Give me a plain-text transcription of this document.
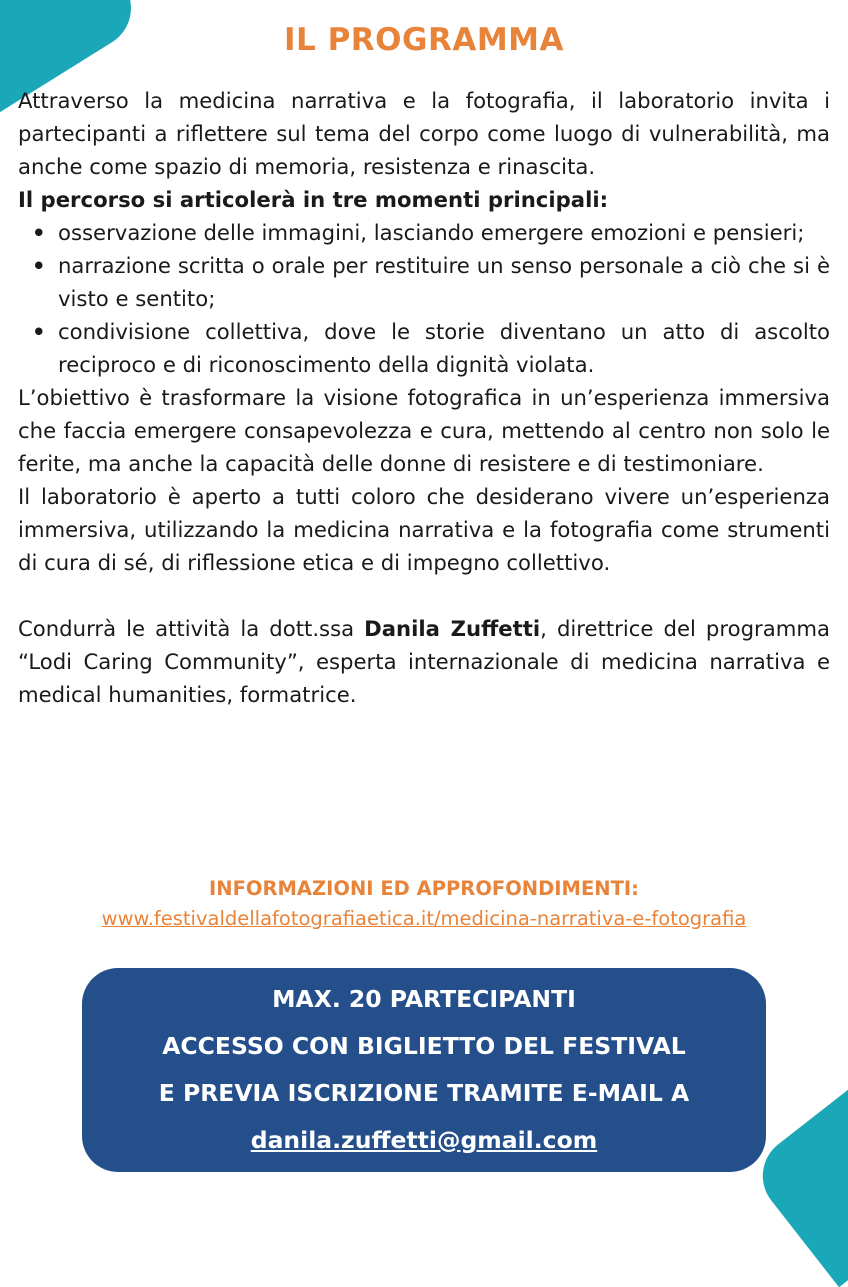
IL PROGRAMMA

Attraverso la medicina narrativa e la fotografia, il laboratorio invita i partecipanti a riflettere sul tema del corpo come luogo di vulnerabilità, ma anche come spazio di memoria, resistenza e rinascita.

Il percorso si articolerà in tre momenti principali:

• osservazione delle immagini, lasciando emergere emozioni e pensieri;
• narrazione scritta o orale per restituire un senso personale a ciò che si è visto e sentito;
• condivisione collettiva, dove le storie diventano un atto di ascolto reciproco e di riconoscimento della dignità violata.

L’obiettivo è trasformare la visione fotografica in un’esperienza immersiva che faccia emergere consapevolezza e cura, mettendo al centro non solo le ferite, ma anche la capacità delle donne di resistere e di testimoniare.

Il laboratorio è aperto a tutti coloro che desiderano vivere un’esperienza immersiva, utilizzando la medicina narrativa e la fotografia come strumenti di cura di sé, di riflessione etica e di impegno collettivo.

Condurrà le attività la dott.ssa Danila Zuffetti, direttrice del programma “Lodi Caring Community”, esperta internazionale di medicina narrativa e medical humanities, formatrice.

INFORMAZIONI ED APPROFONDIMENTI:
www.festivaldellafotografiaetica.it/medicina-narrativa-e-fotografia
MAX. 20 PARTECIPANTI
ACCESSO CON BIGLIETTO DEL FESTIVAL
E PREVIA ISCRIZIONE TRAMITE E-MAIL A
danila.zuffetti@gmail.com
